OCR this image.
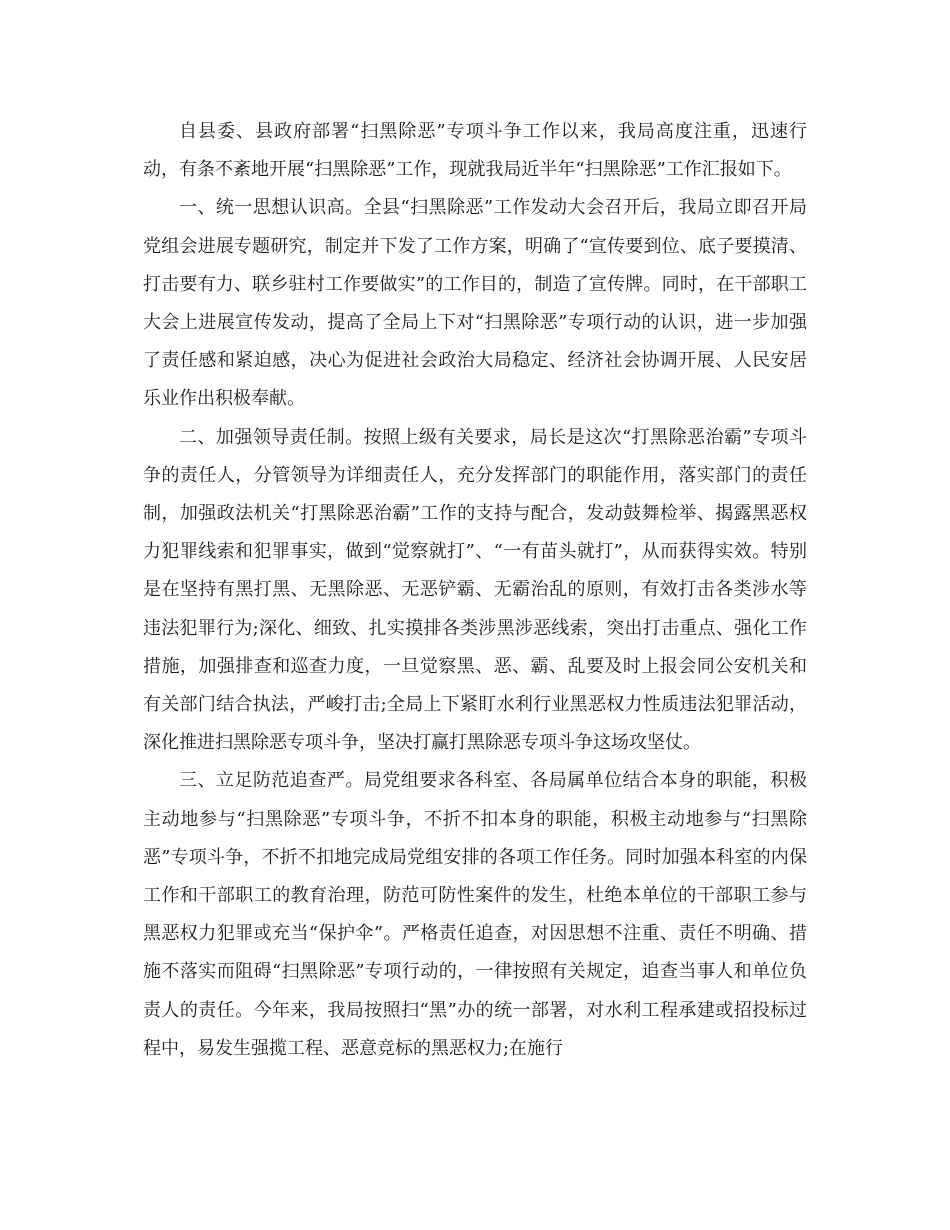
自县委、县政府部署“扫黑除恶”专项斗争工作以来，我局高度注重，迅速行动，有条不紊地开展“扫黑除恶”工作，现就我局近半年“扫黑除恶”工作汇报如下。

一、统一思想认识高。全县“扫黑除恶”工作发动大会召开后，我局立即召开局党组会进展专题研究，制定并下发了工作方案，明确了“宣传要到位、底子要摸清、打击要有力、联乡驻村工作要做实”的工作目的，制造了宣传牌。同时，在干部职工大会上进展宣传发动，提高了全局上下对“扫黑除恶”专项行动的认识，进一步加强了责任感和紧迫感，决心为促进社会政治大局稳定、经济社会协调开展、人民安居乐业作出积极奉献。

二、加强领导责任制。按照上级有关要求，局长是这次“打黑除恶治霸”专项斗争的责任人，分管领导为详细责任人，充分发挥部门的职能作用，落实部门的责任制，加强政法机关“打黑除恶治霸”工作的支持与配合，发动鼓舞检举、揭露黑恶权力犯罪线索和犯罪事实，做到“觉察就打”、“一有苗头就打”，从而获得实效。特别是在坚持有黑打黑、无黑除恶、无恶铲霸、无霸治乱的原则，有效打击各类涉水等违法犯罪行为;深化、细致、扎实摸排各类涉黑涉恶线索，突出打击重点、强化工作措施，加强排查和巡查力度，一旦觉察黑、恶、霸、乱要及时上报会同公安机关和有关部门结合执法，严峻打击;全局上下紧盯水利行业黑恶权力性质违法犯罪活动，深化推进扫黑除恶专项斗争，坚决打赢打黑除恶专项斗争这场攻坚仗。

三、立足防范追查严。局党组要求各科室、各局属单位结合本身的职能，积极主动地参与“扫黑除恶”专项斗争，不折不扣本身的职能，积极主动地参与“扫黑除恶”专项斗争，不折不扣地完成局党组安排的各项工作任务。同时加强本科室的内保工作和干部职工的教育治理，防范可防性案件的发生，杜绝本单位的干部职工参与黑恶权力犯罪或充当“保护伞”。严格责任追查，对因思想不注重、责任不明确、措施不落实而阻碍“扫黑除恶”专项行动的，一律按照有关规定，追查当事人和单位负责人的责任。今年来，我局按照扫“黑”办的统一部署，对水利工程承建或招投标过程中，易发生强揽工程、恶意竞标的黑恶权力;在施行
